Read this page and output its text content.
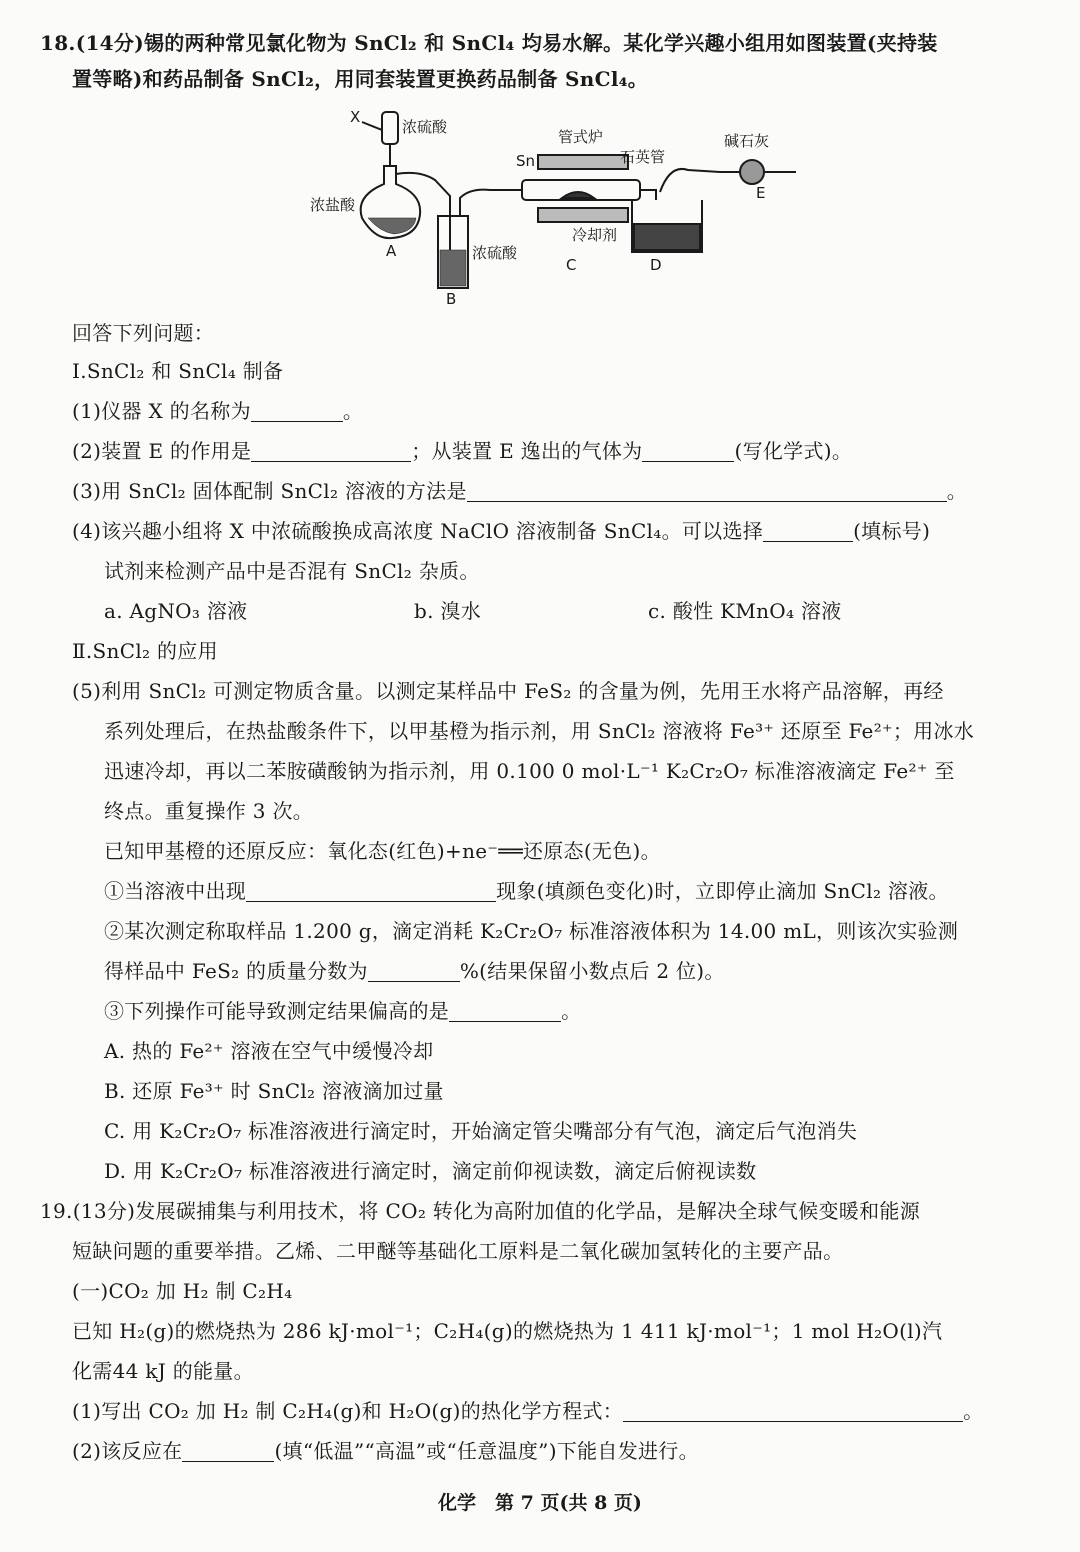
18.(14分)锡的两种常见氯化物为 SnCl₂ 和 SnCl₄ 均易水解。某化学兴趣小组用如图装置(夹持装
置等略)和药品制备 SnCl₂，用同套装置更换药品制备 SnCl₄。
X
浓硫酸
浓盐酸
A	浓硫酸
B
管式炉
Sn	石英管
C
冷却剂
D
碱石灰
E
回答下列问题：
Ⅰ.SnCl₂ 和 SnCl₄ 制备
(1)仪器 X 的名称为	。
(2)装置 E 的作用是	；从装置 E 逸出的气体为	(写化学式)。
(3)用 SnCl₂ 固体配制 SnCl₂ 溶液的方法是	。
(4)该兴趣小组将 X 中浓硫酸换成高浓度 NaClO 溶液制备 SnCl₄。可以选择	(填标号)
试剂来检测产品中是否混有 SnCl₂ 杂质。
a. AgNO₃ 溶液	b. 溴水	c. 酸性 KMnO₄ 溶液
Ⅱ.SnCl₂ 的应用
(5)利用 SnCl₂ 可测定物质含量。以测定某样品中 FeS₂ 的含量为例，先用王水将产品溶解，再经
系列处理后，在热盐酸条件下，以甲基橙为指示剂，用 SnCl₂ 溶液将 Fe³⁺ 还原至 Fe²⁺；用冰水
迅速冷却，再以二苯胺磺酸钠为指示剂，用 0.100 0 mol·L⁻¹ K₂Cr₂O₇ 标准溶液滴定 Fe²⁺ 至
终点。重复操作 3 次。
已知甲基橙的还原反应：氧化态(红色)+ne⁻══还原态(无色)。
①当溶液中出现	现象(填颜色变化)时，立即停止滴加 SnCl₂ 溶液。
②某次测定称取样品 1.200 g，滴定消耗 K₂Cr₂O₇ 标准溶液体积为 14.00 mL，则该次实验测
得样品中 FeS₂ 的质量分数为	%(结果保留小数点后 2 位)。
③下列操作可能导致测定结果偏高的是	。
A. 热的 Fe²⁺ 溶液在空气中缓慢冷却
B. 还原 Fe³⁺ 时 SnCl₂ 溶液滴加过量
C. 用 K₂Cr₂O₇ 标准溶液进行滴定时，开始滴定管尖嘴部分有气泡，滴定后气泡消失
D. 用 K₂Cr₂O₇ 标准溶液进行滴定时，滴定前仰视读数，滴定后俯视读数
19.(13分)发展碳捕集与利用技术，将 CO₂ 转化为高附加值的化学品，是解决全球气候变暖和能源
短缺问题的重要举措。乙烯、二甲醚等基础化工原料是二氧化碳加氢转化的主要产品。
(一)CO₂ 加 H₂ 制 C₂H₄
已知 H₂(g)的燃烧热为 286 kJ·mol⁻¹；C₂H₄(g)的燃烧热为 1 411 kJ·mol⁻¹；1 mol H₂O(l)汽
化需44 kJ 的能量。
(1)写出 CO₂ 加 H₂ 制 C₂H₄(g)和 H₂O(g)的热化学方程式：	。
(2)该反应在	(填“低温”“高温”或“任意温度”)下能自发进行。
化学　第 7 页(共 8 页)
